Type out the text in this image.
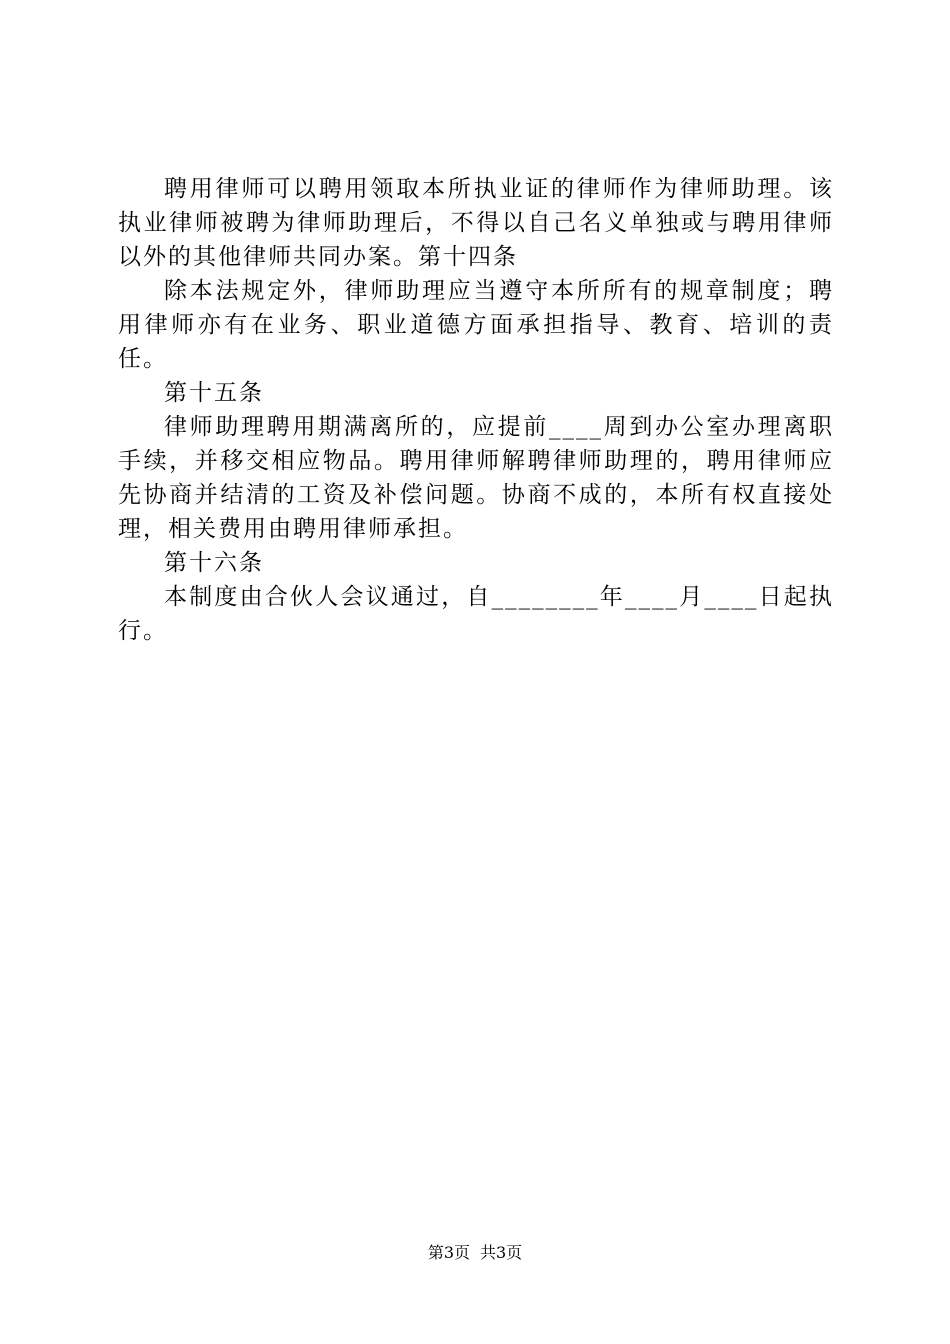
聘用律师可以聘用领取本所执业证的律师作为律师助理。该执业律师被聘为律师助理后，不得以自己名义单独或与聘用律师以外的其他律师共同办案。第十四条

除本法规定外，律师助理应当遵守本所所有的规章制度；聘用律师亦有在业务、职业道德方面承担指导、教育、培训的责任。

第十五条

律师助理聘用期满离所的，应提前____周到办公室办理离职手续，并移交相应物品。聘用律师解聘律师助理的，聘用律师应先协商并结清的工资及补偿问题。协商不成的，本所有权直接处理，相关费用由聘用律师承担。

第十六条

本制度由合伙人会议通过，自________年____月____日起执行。

第3页 共3页
